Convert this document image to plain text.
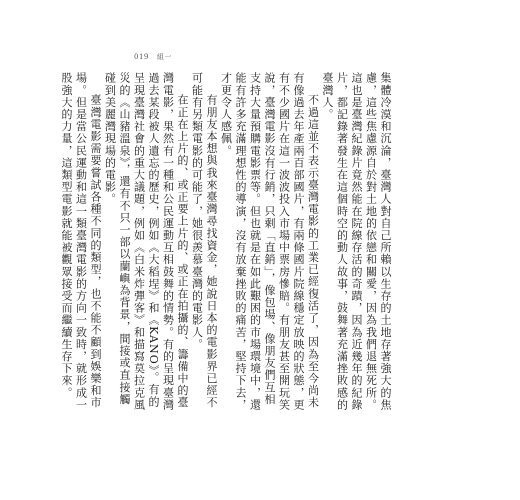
019 組一

集體冷漠和沉淪，臺灣人對自己所賴以生存的土地存著強大的焦慮，這些焦慮源自於對土地的依戀和關愛，因為我們退無死所。這也是臺灣紀錄片竟然能在院線存活的奇蹟，因為近幾年的紀錄片，都記錄著發生在這個時空的動人故事，鼓舞著充滿挫敗感的臺灣人。

不過這並不表示臺灣電影的工業已經復活了，因為至今尚未有像過去年產兩百部國片，有兩條國片院線穩定放映的狀態，更有不少國片在這一波波投入市場中票房慘賠。有朋友甚至開玩笑說，臺灣電影沒有行銷，只剩「直銷」，像包場、像朋友們互相支持大量預購電影票等。但也就是在如此艱困的市場環境中，還能有許多充滿理想性的導演，沒有放棄挫敗的痛苦，堅持下去，才更令人感佩。

有朋友本想與我來臺灣尋找資金，她說日本的電影界已經不可能有另類電影的可能了，她很羨慕臺灣的電影人。

在正在上片的、或正要上片的、或正在拍攝的、籌備中的臺灣電影，果然有一種和公民運動互相鼓舞的情勢。有的呈現臺灣過去某段被人遺忘的歷史，例如《大稻埕》和《KANO》。有的呈現臺灣社會的重大議題，例如《白米炸彈客》和描寫莫拉克風災的《山豬溫泉》，還有不只一部以蘭嶼為背景，間接或直接觸碰到美麗灣現場的電影。

臺灣電影需要嘗試各種不同的類型，也不能不顧到娛樂和市場。但是當公民運動和這一類臺灣電影的方向一致時，就形成一股強大的力量，這類型電影就能被觀眾接受而繼續生存下來。
